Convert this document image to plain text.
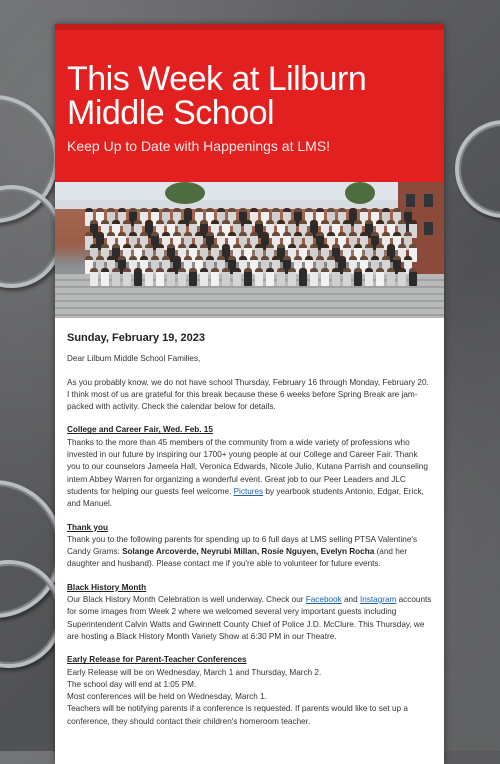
This Week at Lilburn
Middle School
Keep Up to Date with Happenings at LMS!
Sunday, February 19, 2023

Dear Lilburn Middle School Families,

As you probably know, we do not have school Thursday, February 16 through Monday, February 20. I think most of us are grateful for this break because these 6 weeks before Spring Break are jam-packed with activity. Check the calendar below for details.

College and Career Fair, Wed. Feb. 15

Thanks to the more than 45 members of the community from a wide variety of professions who invested in our future by inspiring our 1700+ young people at our College and Career Fair. Thank you to our counselors Jameela Hall, Veronica Edwards, Nicole Julio, Kutana Parrish and counseling intern Abbey Warren for organizing a wonderful event. Great job to our Peer Leaders and JLC students for helping our guests feel welcome. Pictures by yearbook students Antonio, Edgar, Erick, and Manuel.

Thank you

Thank you to the following parents for spending up to 6 full days at LMS selling PTSA Valentine's Candy Grams: Solange Arcoverde, Neyrubi Millan, Rosie Nguyen, Evelyn Rocha (and her daughter and husband). Please contact me if you're able to volunteer for future events.

Black History Month

Our Black History Month Celebration is well underway. Check our Facebook and Instagram accounts for some images from Week 2 where we welcomed several very important guests including Superintendent Calvin Watts and Gwinnett County Chief of Police J.D. McClure. This Thursday, we are hosting a Black History Month Variety Show at 6:30 PM in our Theatre.

Early Release for Parent-Teacher Conferences
Early Release will be on Wednesday, March 1 and Thursday, March 2.
The school day will end at 1:05 PM.
Most conferences will be held on Wednesday, March 1.
Teachers will be notifying parents if a conference is requested. If parents would like to set up a conference, they should contact their children's homeroom teacher.
